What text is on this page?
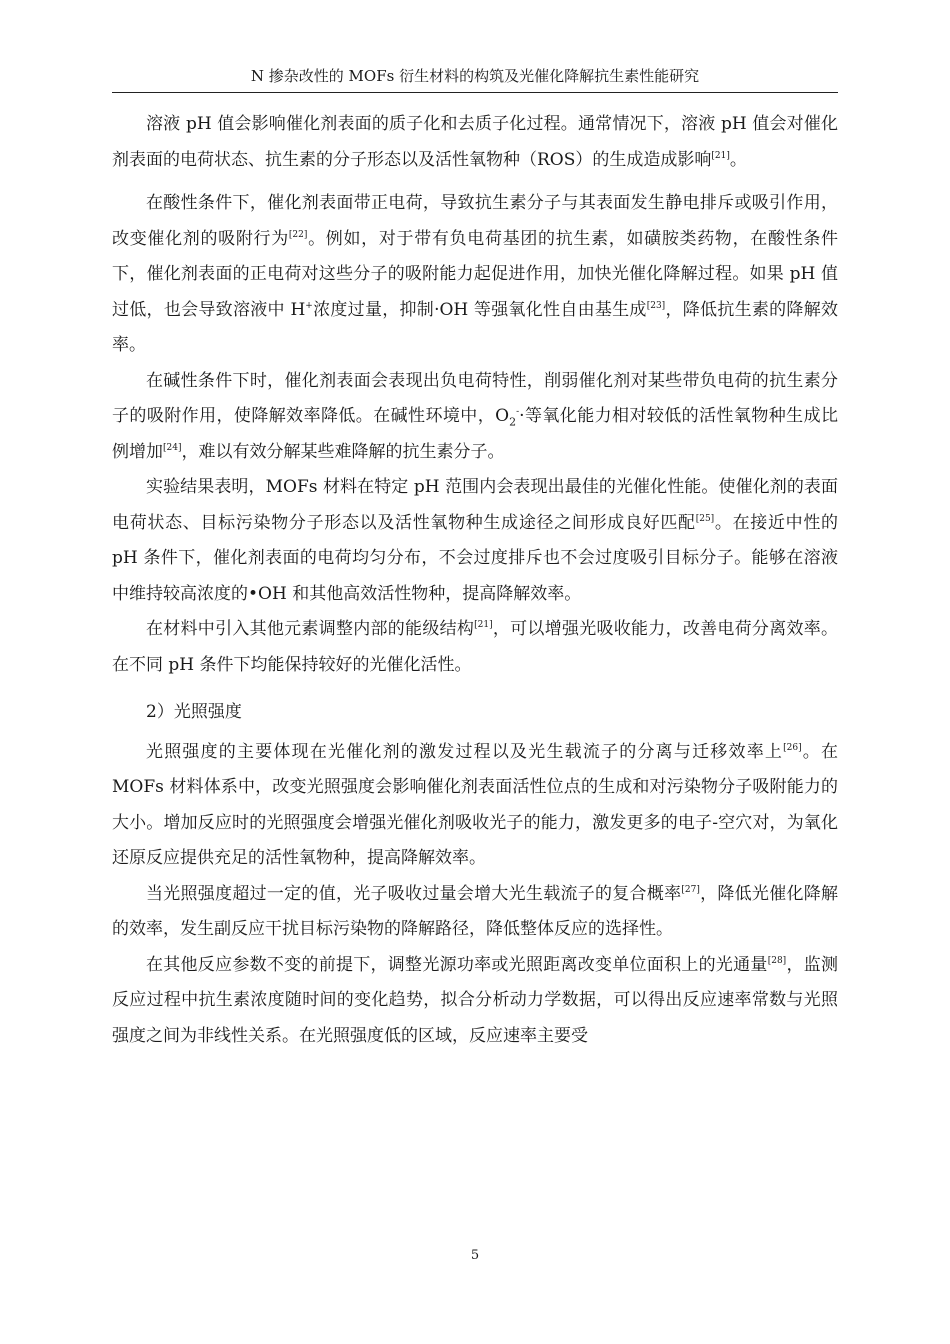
N 掺杂改性的 MOFs 衍生材料的构筑及光催化降解抗生素性能研究

溶液 pH 值会影响催化剂表面的质子化和去质子化过程。通常情况下，溶液 pH 值会对催化剂表面的电荷状态、抗生素的分子形态以及活性氧物种（ROS）的生成造成影响[21]。

在酸性条件下，催化剂表面带正电荷，导致抗生素分子与其表面发生静电排斥或吸引作用，改变催化剂的吸附行为[22]。例如，对于带有负电荷基团的抗生素，如磺胺类药物，在酸性条件下，催化剂表面的正电荷对这些分子的吸附能力起促进作用，加快光催化降解过程。如果 pH 值过低，也会导致溶液中 H+浓度过量，抑制·OH 等强氧化性自由基生成[23]，降低抗生素的降解效率。

在碱性条件下时，催化剂表面会表现出负电荷特性，削弱催化剂对某些带负电荷的抗生素分子的吸附作用，使降解效率降低。在碱性环境中，$O_2^-\cdot$等氧化能力相对较低的活性氧物种生成比例增加[24]，难以有效分解某些难降解的抗生素分子。

实验结果表明，MOFs 材料在特定 pH 范围内会表现出最佳的光催化性能。使催化剂的表面电荷状态、目标污染物分子形态以及活性氧物种生成途径之间形成良好匹配[25]。在接近中性的 pH 条件下，催化剂表面的电荷均匀分布，不会过度排斥也不会过度吸引目标分子。能够在溶液中维持较高浓度的•OH 和其他高效活性物种，提高降解效率。

在材料中引入其他元素调整内部的能级结构[21]，可以增强光吸收能力，改善电荷分离效率。在不同 pH 条件下均能保持较好的光催化活性。

2）光照强度

光照强度的主要体现在光催化剂的激发过程以及光生载流子的分离与迁移效率上[26]。在 MOFs 材料体系中，改变光照强度会影响催化剂表面活性位点的生成和对污染物分子吸附能力的大小。增加反应时的光照强度会增强光催化剂吸收光子的能力，激发更多的电子-空穴对，为氧化还原反应提供充足的活性氧物种，提高降解效率。

当光照强度超过一定的值，光子吸收过量会增大光生载流子的复合概率[27]，降低光催化降解的效率，发生副反应干扰目标污染物的降解路径，降低整体反应的选择性。

在其他反应参数不变的前提下，调整光源功率或光照距离改变单位面积上的光通量[28]，监测反应过程中抗生素浓度随时间的变化趋势，拟合分析动力学数据，可以得出反应速率常数与光照强度之间为非线性关系。在光照强度低的区域，反应速率主要受

5
